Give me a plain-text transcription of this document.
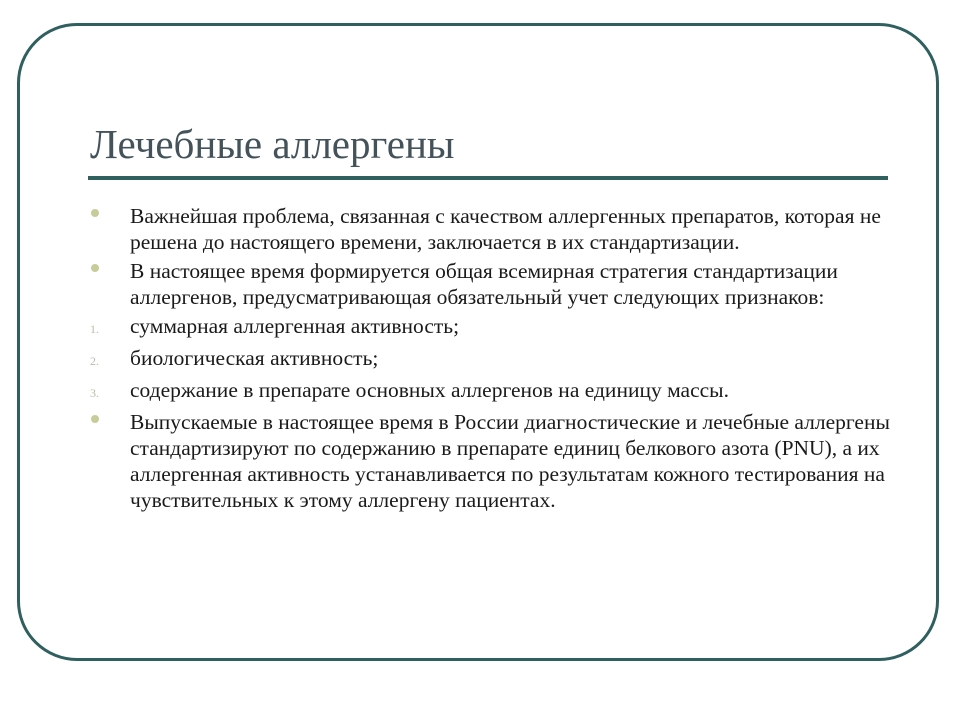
Лечебные аллергены
Важнейшая проблема, связанная с качеством аллергенных препаратов, которая не решена до настоящего времени, заключается в их стандартизации.
В настоящее время формируется общая всемирная стратегия стандартизации аллергенов, предусматривающая обязательный учет следующих признаков:
1. суммарная аллергенная активность;
2. биологическая активность;
3. содержание в препарате основных аллергенов на единицу массы.
Выпускаемые в настоящее время в России диагностические и лечебные аллергены стандартизируют по содержанию в препарате единиц белкового азота (PNU), а их аллергенная активность устанавливается по результатам кожного тестирования на чувствительных к этому аллергену пациентах.
